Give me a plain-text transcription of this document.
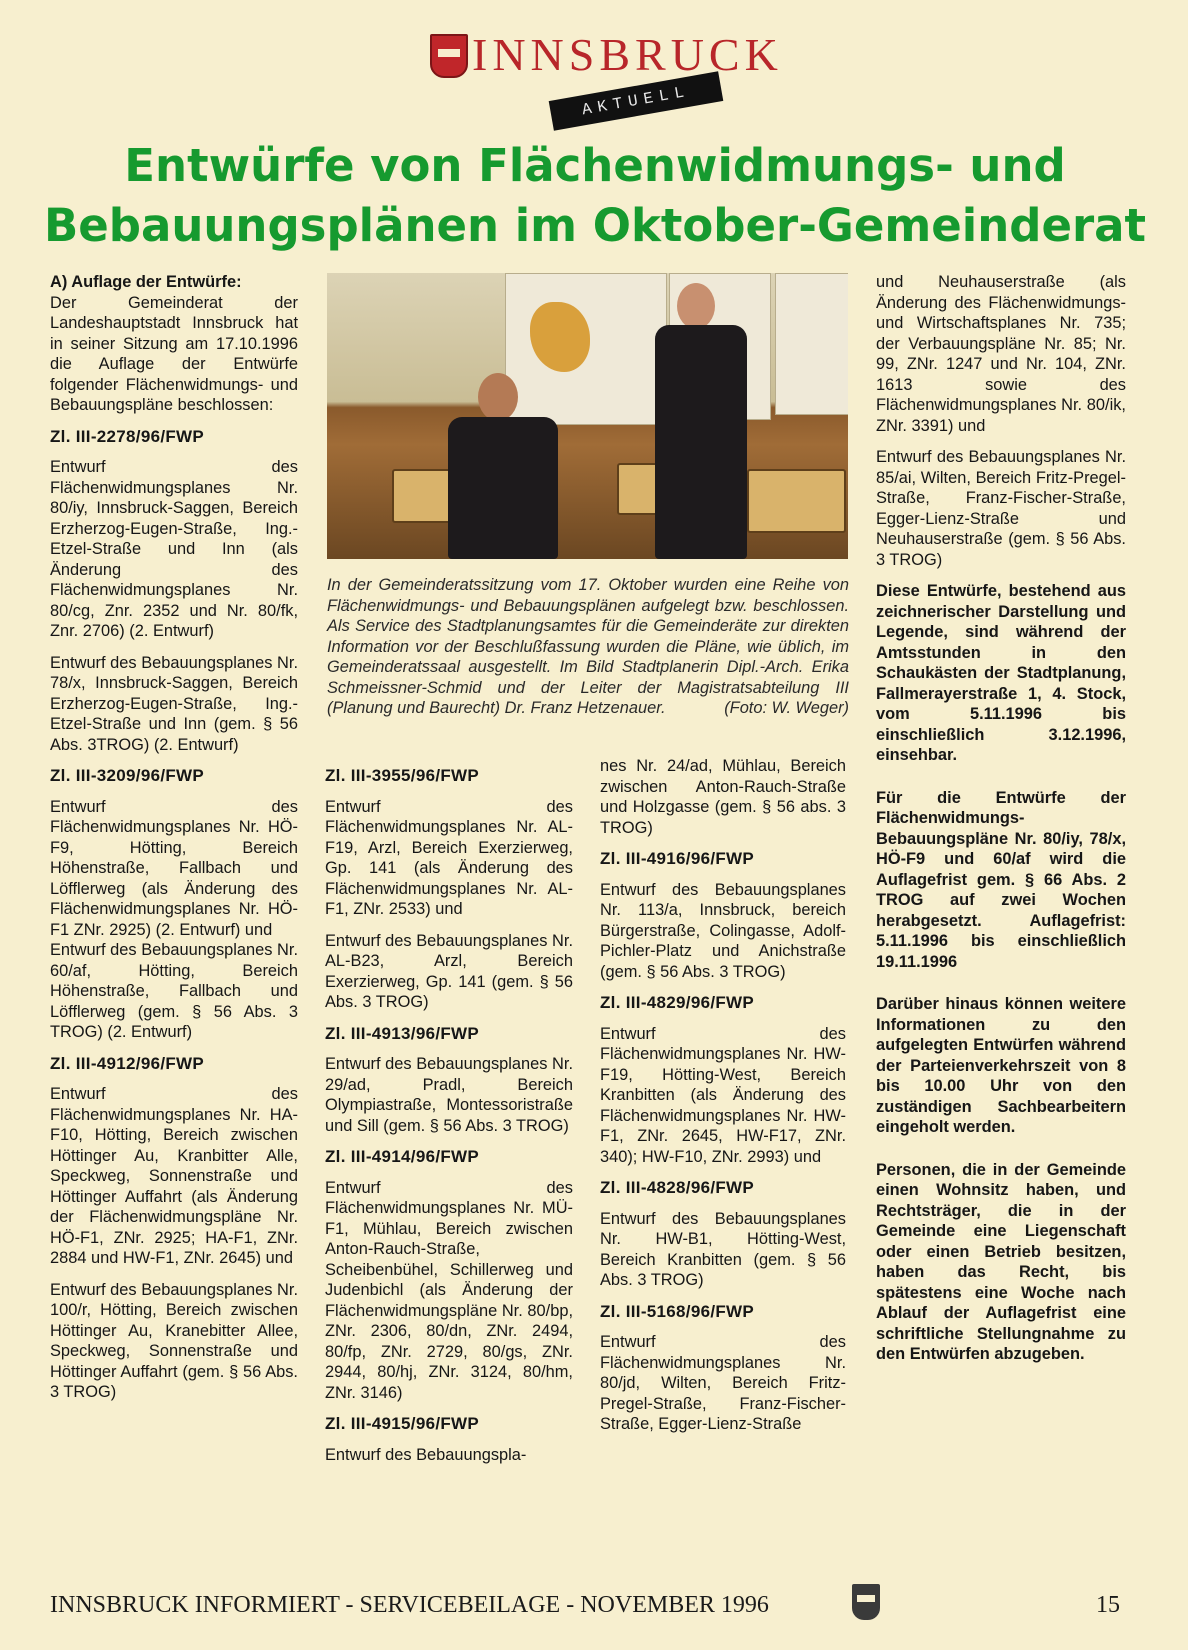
INNSBRUCK
AKTUELL
Entwürfe von Flächenwidmungs- und Bebauungsplänen im Oktober-Gemeinderat

A) Auflage der Entwürfe:
Der Gemeinderat der Landeshauptstadt Innsbruck hat in seiner Sitzung am 17.10.1996 die Auflage der Entwürfe folgender Flächenwidmungs- und Bebauungspläne beschlossen:

Zl. III-2278/96/FWP

Entwurf des Flächenwidmungsplanes Nr. 80/iy, Innsbruck-Saggen, Bereich Erzherzog-Eugen-Straße, Ing.-Etzel-Straße und Inn (als Änderung des Flächenwidmungsplanes Nr. 80/cg, Znr. 2352 und Nr. 80/fk, Znr. 2706) (2. Entwurf)

Entwurf des Bebauungsplanes Nr. 78/x, Innsbruck-Saggen, Bereich Erzherzog-Eugen-Straße, Ing.-Etzel-Straße und Inn (gem. § 56 Abs. 3TROG) (2. Entwurf)

Zl. III-3209/96/FWP

Entwurf des Flächenwidmungsplanes Nr. HÖ-F9, Hötting, Bereich Höhenstraße, Fallbach und Löfflerweg (als Änderung des Flächenwidmungsplanes Nr. HÖ-F1 ZNr. 2925) (2. Entwurf) und

Entwurf des Bebauungsplanes Nr. 60/af, Hötting, Bereich Höhenstraße, Fallbach und Löfflerweg (gem. § 56 Abs. 3 TROG) (2. Entwurf)

Zl. III-4912/96/FWP

Entwurf des Flächenwidmungsplanes Nr. HA-F10, Hötting, Bereich zwischen Höttinger Au, Kranbitter Alle, Speckweg, Sonnenstraße und Höttinger Auffahrt (als Änderung der Flächenwidmungspläne Nr. HÖ-F1, ZNr. 2925; HA-F1, ZNr. 2884 und HW-F1, ZNr. 2645) und

Entwurf des Bebauungsplanes Nr. 100/r, Hötting, Bereich zwischen Höttinger Au, Kranebitter Allee, Speckweg, Sonnenstraße und Höttinger Auffahrt (gem. § 56 Abs. 3 TROG)

In der Gemeinderatssitzung vom 17. Oktober wurden eine Reihe von Flächenwidmungs- und Bebauungsplänen aufgelegt bzw. beschlossen. Als Service des Stadtplanungsamtes für die Gemeinderäte zur direkten Information vor der Beschlußfassung wurden die Pläne, wie üblich, im Gemeinderatssaal ausgestellt. Im Bild Stadtplanerin Dipl.-Arch. Erika Schmeissner-Schmid und der Leiter der Magistratsabteilung III (Planung und Baurecht) Dr. Franz Hetzenauer.	(Foto: W. Weger)
Zl. III-3955/96/FWP

Entwurf des Flächenwidmungsplanes Nr. AL-F19, Arzl, Bereich Exerzierweg, Gp. 141 (als Änderung des Flächenwidmungsplanes Nr. AL-F1, ZNr. 2533) und

Entwurf des Bebauungsplanes Nr. AL-B23, Arzl, Bereich Exerzierweg, Gp. 141 (gem. § 56 Abs. 3 TROG)

Zl. III-4913/96/FWP

Entwurf des Bebauungsplanes Nr. 29/ad, Pradl, Bereich Olympiastraße, Montessoristraße und Sill (gem. § 56 Abs. 3 TROG)

Zl. III-4914/96/FWP

Entwurf des Flächenwidmungsplanes Nr. MÜ-F1, Mühlau, Bereich zwischen Anton-Rauch-Straße, Scheibenbühel, Schillerweg und Judenbichl (als Änderung der Flächenwidmungspläne Nr. 80/bp, ZNr. 2306, 80/dn, ZNr. 2494, 80/fp, ZNr. 2729, 80/gs, ZNr. 2944, 80/hj, ZNr. 3124, 80/hm, ZNr. 3146)

Zl. III-4915/96/FWP

Entwurf des Bebauungspla-

nes Nr. 24/ad, Mühlau, Bereich zwischen Anton-Rauch-Straße und Holzgasse (gem. § 56 abs. 3 TROG)

Zl. III-4916/96/FWP

Entwurf des Bebauungsplanes Nr. 113/a, Innsbruck, bereich Bürgerstraße, Colingasse, Adolf-Pichler-Platz und Anichstraße (gem. § 56 Abs. 3 TROG)

Zl. III-4829/96/FWP

Entwurf des Flächenwidmungsplanes Nr. HW-F19, Hötting-West, Bereich Kranbitten (als Änderung des Flächenwidmungsplanes Nr. HW-F1, ZNr. 2645, HW-F17, ZNr. 340); HW-F10, ZNr. 2993) und

Zl. III-4828/96/FWP

Entwurf des Bebauungsplanes Nr. HW-B1, Hötting-West, Bereich Kranbitten (gem. § 56 Abs. 3 TROG)

Zl. III-5168/96/FWP

Entwurf des Flächenwidmungsplanes Nr. 80/jd, Wilten, Bereich Fritz-Pregel-Straße, Franz-Fischer-Straße, Egger-Lienz-Straße

und Neuhauserstraße (als Änderung des Flächenwidmungs- und Wirtschaftsplanes Nr. 735; der Verbauungspläne Nr. 85; Nr. 99, ZNr. 1247 und Nr. 104, ZNr. 1613 sowie des Flächenwidmungsplanes Nr. 80/ik, ZNr. 3391) und

Entwurf des Bebauungsplanes Nr. 85/ai, Wilten, Bereich Fritz-Pregel-Straße, Franz-Fischer-Straße, Egger-Lienz-Straße und Neuhauserstraße (gem. § 56 Abs. 3 TROG)

Diese Entwürfe, bestehend aus zeichnerischer Darstellung und Legende, sind während der Amtsstunden in den Schaukästen der Stadtplanung, Fallmerayerstraße 1, 4. Stock, vom 5.11.1996 bis einschließlich 3.12.1996, einsehbar.

Für die Entwürfe der Flächenwidmungs- Bebauungspläne Nr. 80/iy, 78/x, HÖ-F9 und 60/af wird die Auflagefrist gem. § 66 Abs. 2 TROG auf zwei Wochen herabgesetzt. Auflagefrist: 5.11.1996 bis einschließlich 19.11.1996

Darüber hinaus können weitere Informationen zu den aufgelegten Entwürfen während der Parteienverkehrszeit von 8 bis 10.00 Uhr von den zuständigen Sachbearbeitern eingeholt werden.

Personen, die in der Gemeinde einen Wohnsitz haben, und Rechtsträger, die in der Gemeinde eine Liegenschaft oder einen Betrieb besitzen, haben das Recht, bis spätestens eine Woche nach Ablauf der Auflagefrist eine schriftliche Stellungnahme zu den Entwürfen abzugeben.

INNSBRUCK INFORMIERT - SERVICEBEILAGE - NOVEMBER 1996	15
